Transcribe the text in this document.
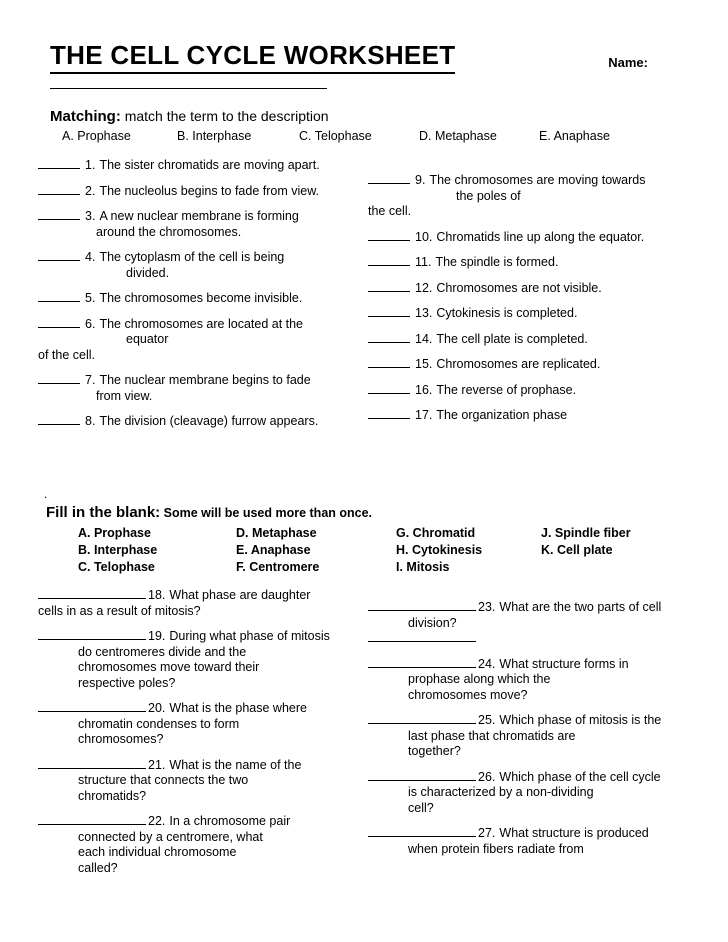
THE CELL CYCLE WORKSHEET	Name:
Matching: match the term to the description
A. Prophase	B. Interphase	C. Telophase	D. Metaphase	E. Anaphase
1. The sister chromatids are moving apart.
2. The nucleolus begins to fade from view.
3. A new nuclear membrane is forming
around the chromosomes.
4. The cytoplasm of the cell is being
divided.
5. The chromosomes become invisible.
6. The chromosomes are located at the
equator
of the cell.
7. The nuclear membrane begins to fade
from view.
8. The division (cleavage) furrow appears.
9. The chromosomes are moving towards
the poles of
the cell.
10. Chromatids line up along the equator.
11. The spindle is formed.
12. Chromosomes are not visible.
13. Cytokinesis is completed.
14. The cell plate is completed.
15. Chromosomes are replicated.
16. The reverse of prophase.
17. The organization phase
.
Fill in the blank: Some will be used more than once.
A. Prophase	D. Metaphase	G. Chromatid	J. Spindle fiber
B. Interphase	E. Anaphase	H. Cytokinesis	K. Cell plate
C. Telophase	F. Centromere	I. Mitosis
18. What phase are daughter
cells in as a result of mitosis?
19. During what phase of mitosis
do centromeres divide and the
chromosomes move toward their
respective poles?
20. What is the phase where
chromatin condenses to form
chromosomes?
21. What is the name of the
structure that connects the two
chromatids?
22. In a chromosome pair
connected by a centromere, what
each individual chromosome
called?
23. What are the two parts of cell
division?
24. What structure forms in
prophase along which the
chromosomes move?
25. Which phase of mitosis is the
last phase that chromatids are
together?
26. Which phase of the cell cycle
is characterized by a non-dividing
cell?
27. What structure is produced
when protein fibers radiate from
